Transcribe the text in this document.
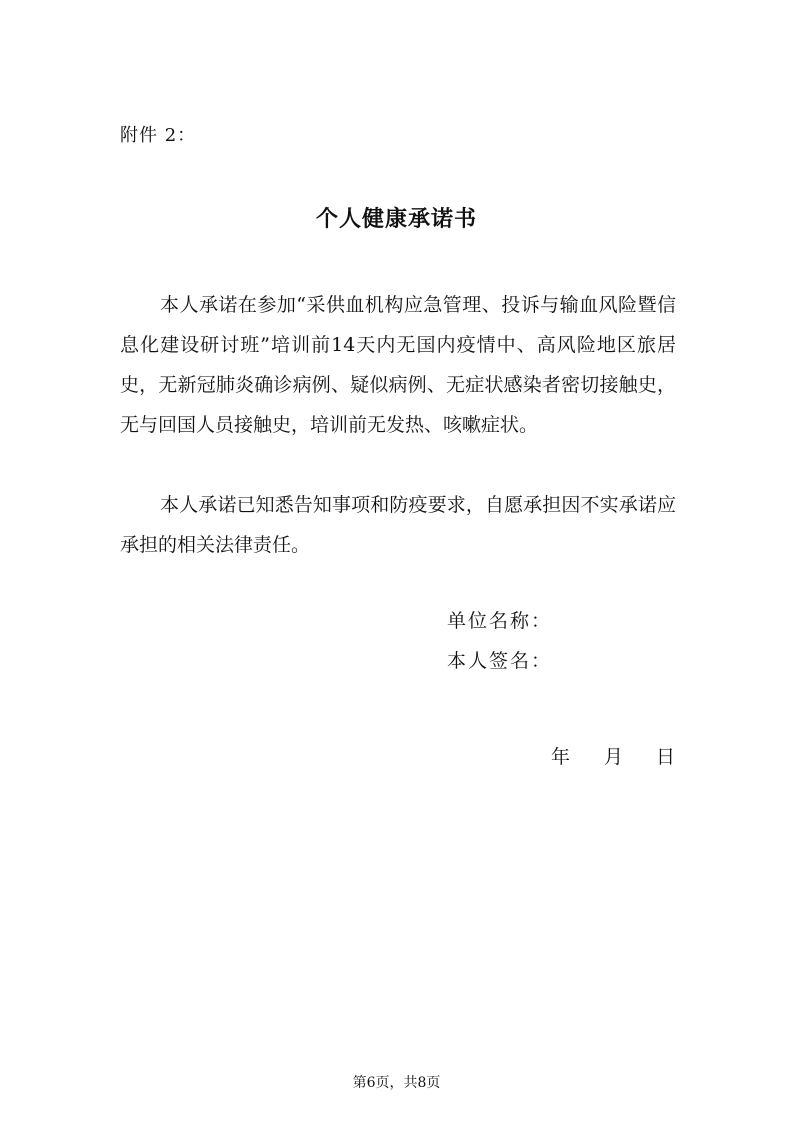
附件 2：
个人健康承诺书

本人承诺在参加“采供血机构应急管理、投诉与输血风险暨信息化建设研讨班”培训前14天内无国内疫情中、高风险地区旅居史，无新冠肺炎确诊病例、疑似病例、无症状感染者密切接触史，无与回国人员接触史，培训前无发热、咳嗽症状。

本人承诺已知悉告知事项和防疫要求，自愿承担因不实承诺应承担的相关法律责任。

单位名称：
本人签名：
年 月 日
第6页，共8页
